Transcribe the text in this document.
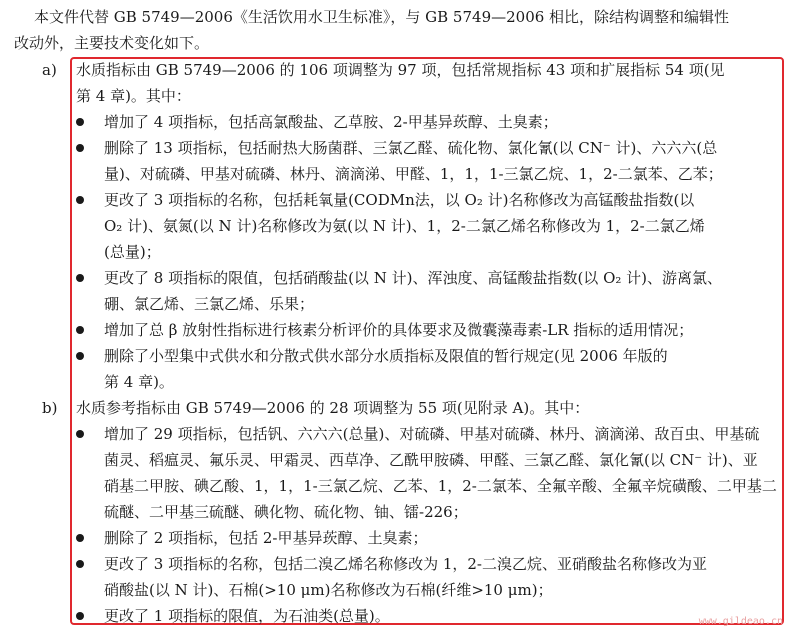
本文件代替 GB 5749—2006《生活饮用水卫生标准》，与 GB 5749—2006 相比，除结构调整和编辑性
改动外，主要技术变化如下。
a) 水质指标由 GB 5749—2006 的 106 项调整为 97 项，包括常规指标 43 项和扩展指标 54 项(见
第 4 章)。其中：
增加了 4 项指标，包括高氯酸盐、乙草胺、2-甲基异莰醇、土臭素；
删除了 13 项指标，包括耐热大肠菌群、三氯乙醛、硫化物、氯化氰(以 CN⁻ 计)、六六六(总
量)、对硫磷、甲基对硫磷、林丹、滴滴涕、甲醛、1，1，1-三氯乙烷、1，2-二氯苯、乙苯；
更改了 3 项指标的名称，包括耗氧量(CODMn法，以 O₂ 计)名称修改为高锰酸盐指数(以
O₂ 计)、氨氮(以 N 计)名称修改为氨(以 N 计)、1，2-二氯乙烯名称修改为 1，2-二氯乙烯
(总量)；
更改了 8 项指标的限值，包括硝酸盐(以 N 计)、浑浊度、高锰酸盐指数(以 O₂ 计)、游离氯、
硼、氯乙烯、三氯乙烯、乐果；
增加了总 β 放射性指标进行核素分析评价的具体要求及微囊藻毒素-LR 指标的适用情况；
删除了小型集中式供水和分散式供水部分水质指标及限值的暂行规定(见 2006 年版的
第 4 章)。
b) 水质参考指标由 GB 5749—2006 的 28 项调整为 55 项(见附录 A)。其中：
增加了 29 项指标，包括钒、六六六(总量)、对硫磷、甲基对硫磷、林丹、滴滴涕、敌百虫、甲基硫
菌灵、稻瘟灵、氟乐灵、甲霜灵、西草净、乙酰甲胺磷、甲醛、三氯乙醛、氯化氰(以 CN⁻ 计)、亚
硝基二甲胺、碘乙酸、1，1，1-三氯乙烷、乙苯、1，2-二氯苯、全氟辛酸、全氟辛烷磺酸、二甲基二
硫醚、二甲基三硫醚、碘化物、硫化物、铀、镭-226；
删除了 2 项指标，包括 2-甲基异莰醇、土臭素；
更改了 3 项指标的名称，包括二溴乙烯名称修改为 1，2-二溴乙烷、亚硝酸盐名称修改为亚
硝酸盐(以 N 计)、石棉(>10 μm)名称修改为石棉(纤维>10 μm)；
更改了 1 项指标的限值，为石油类(总量)。	www.gildeao.cn
